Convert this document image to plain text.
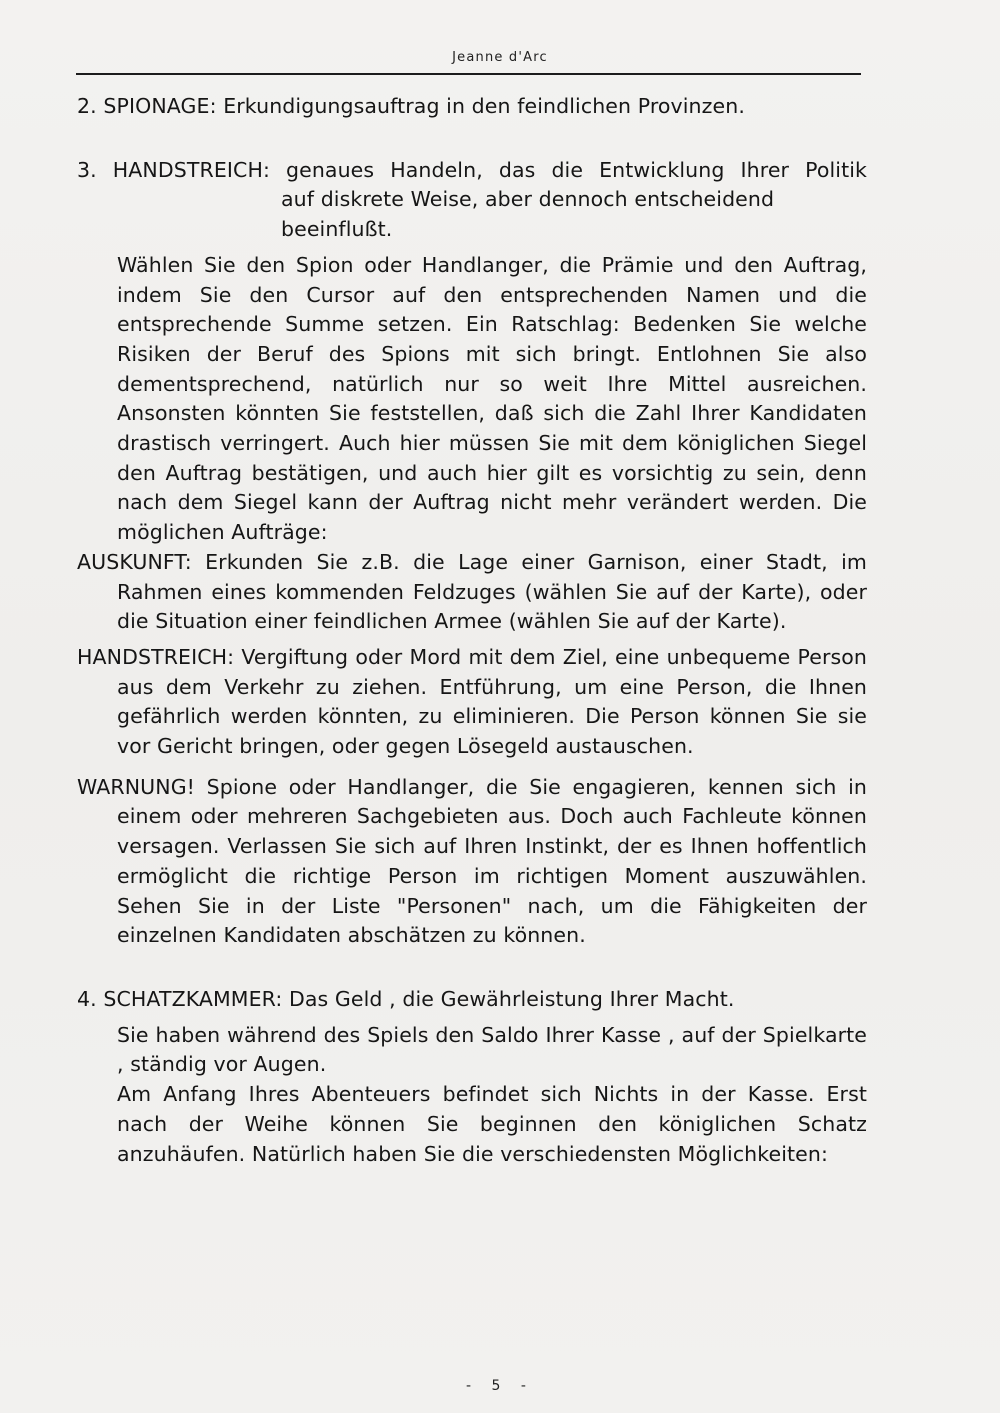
Jeanne d'Arc

2. SPIONAGE: Erkundigungsauftrag in den feindlichen Provinzen.

3. HANDSTREICH: genaues Handeln, das die Entwicklung Ihrer Politik

auf diskrete Weise, aber dennoch entscheidend beeinflußt.

Wählen Sie den Spion oder Handlanger, die Prämie und den Auftrag, indem Sie den Cursor auf den entsprechenden Namen und die entsprechende Summe setzen. Ein Ratschlag: Bedenken Sie welche Risiken der Beruf des Spions mit sich bringt. Entlohnen Sie also dementsprechend, natürlich nur so weit Ihre Mittel ausreichen. Ansonsten könnten Sie feststellen, daß sich die Zahl Ihrer Kandidaten drastisch verringert. Auch hier müssen Sie mit dem königlichen Siegel den Auftrag bestätigen, und auch hier gilt es vorsichtig zu sein, denn nach dem Siegel kann der Auftrag nicht mehr verändert werden. Die möglichen Aufträge:

AUSKUNFT: Erkunden Sie z.B. die Lage einer Garnison, einer Stadt, im Rahmen eines kommenden Feldzuges (wählen Sie auf der Karte), oder die Situation einer feindlichen Armee (wählen Sie auf der Karte).

HANDSTREICH: Vergiftung oder Mord mit dem Ziel, eine unbequeme Person aus dem Verkehr zu ziehen. Entführung, um eine Person, die Ihnen gefährlich werden könnten, zu eliminieren. Die Person können Sie sie vor Gericht bringen, oder gegen Lösegeld austauschen.

WARNUNG! Spione oder Handlanger, die Sie engagieren, kennen sich in einem oder mehreren Sachgebieten aus. Doch auch Fachleute können versagen. Verlassen Sie sich auf Ihren Instinkt, der es Ihnen hoffentlich ermöglicht die richtige Person im richtigen Moment auszuwählen. Sehen Sie in der Liste "Personen" nach, um die Fähigkeiten der einzelnen Kandidaten abschätzen zu können.

4. SCHATZKAMMER: Das Geld , die Gewährleistung Ihrer Macht.

Sie haben während des Spiels den Saldo Ihrer Kasse , auf der Spielkarte , ständig vor Augen.

Am Anfang Ihres Abenteuers befindet sich Nichts in der Kasse. Erst nach der Weihe können Sie beginnen den königlichen Schatz anzuhäufen. Natürlich haben Sie die verschiedensten Möglichkeiten:

- 5 -
